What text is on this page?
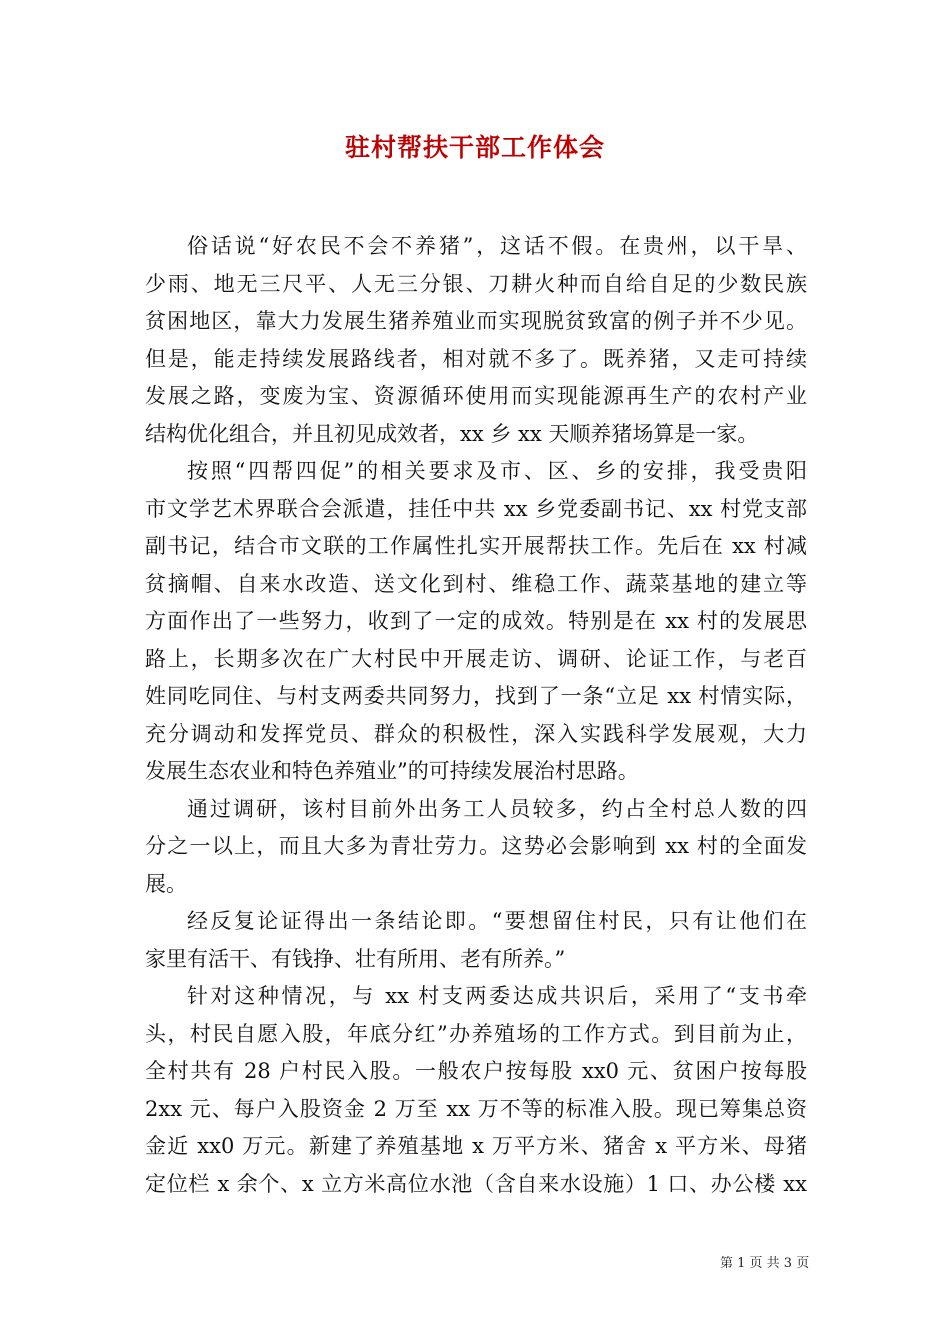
驻村帮扶干部工作体会
俗话说“好农民不会不养猪”，这话不假。在贵州，以干旱、
少雨、地无三尺平、人无三分银、刀耕火种而自给自足的少数民族
贫困地区，靠大力发展生猪养殖业而实现脱贫致富的例子并不少见。
但是，能走持续发展路线者，相对就不多了。既养猪，又走可持续
发展之路，变废为宝、资源循环使用而实现能源再生产的农村产业
结构优化组合，并且初见成效者，xx 乡 xx 天顺养猪场算是一家。
按照“四帮四促”的相关要求及市、区、乡的安排，我受贵阳
市文学艺术界联合会派遣，挂任中共 xx 乡党委副书记、xx 村党支部
副书记，结合市文联的工作属性扎实开展帮扶工作。先后在 xx 村减
贫摘帽、自来水改造、送文化到村、维稳工作、蔬菜基地的建立等
方面作出了一些努力，收到了一定的成效。特别是在 xx 村的发展思
路上，长期多次在广大村民中开展走访、调研、论证工作，与老百
姓同吃同住、与村支两委共同努力，找到了一条“立足 xx 村情实际，
充分调动和发挥党员、群众的积极性，深入实践科学发展观，大力
发展生态农业和特色养殖业”的可持续发展治村思路。
通过调研，该村目前外出务工人员较多，约占全村总人数的四
分之一以上，而且大多为青壮劳力。这势必会影响到 xx 村的全面发
展。
经反复论证得出一条结论即。“要想留住村民，只有让他们在
家里有活干、有钱挣、壮有所用、老有所养。”
针对这种情况，与 xx 村支两委达成共识后，采用了“支书牵
头，村民自愿入股，年底分红”办养殖场的工作方式。到目前为止，
全村共有 28 户村民入股。一般农户按每股 xx0 元、贫困户按每股
2xx 元、每户入股资金 2 万至 xx 万不等的标准入股。现已筹集总资
金近 xx0 万元。新建了养殖基地 x 万平方米、猪舍 x 平方米、母猪
定位栏 x 余个、x 立方米高位水池（含自来水设施）1 口、办公楼 xx
第 1 页 共 3 页
